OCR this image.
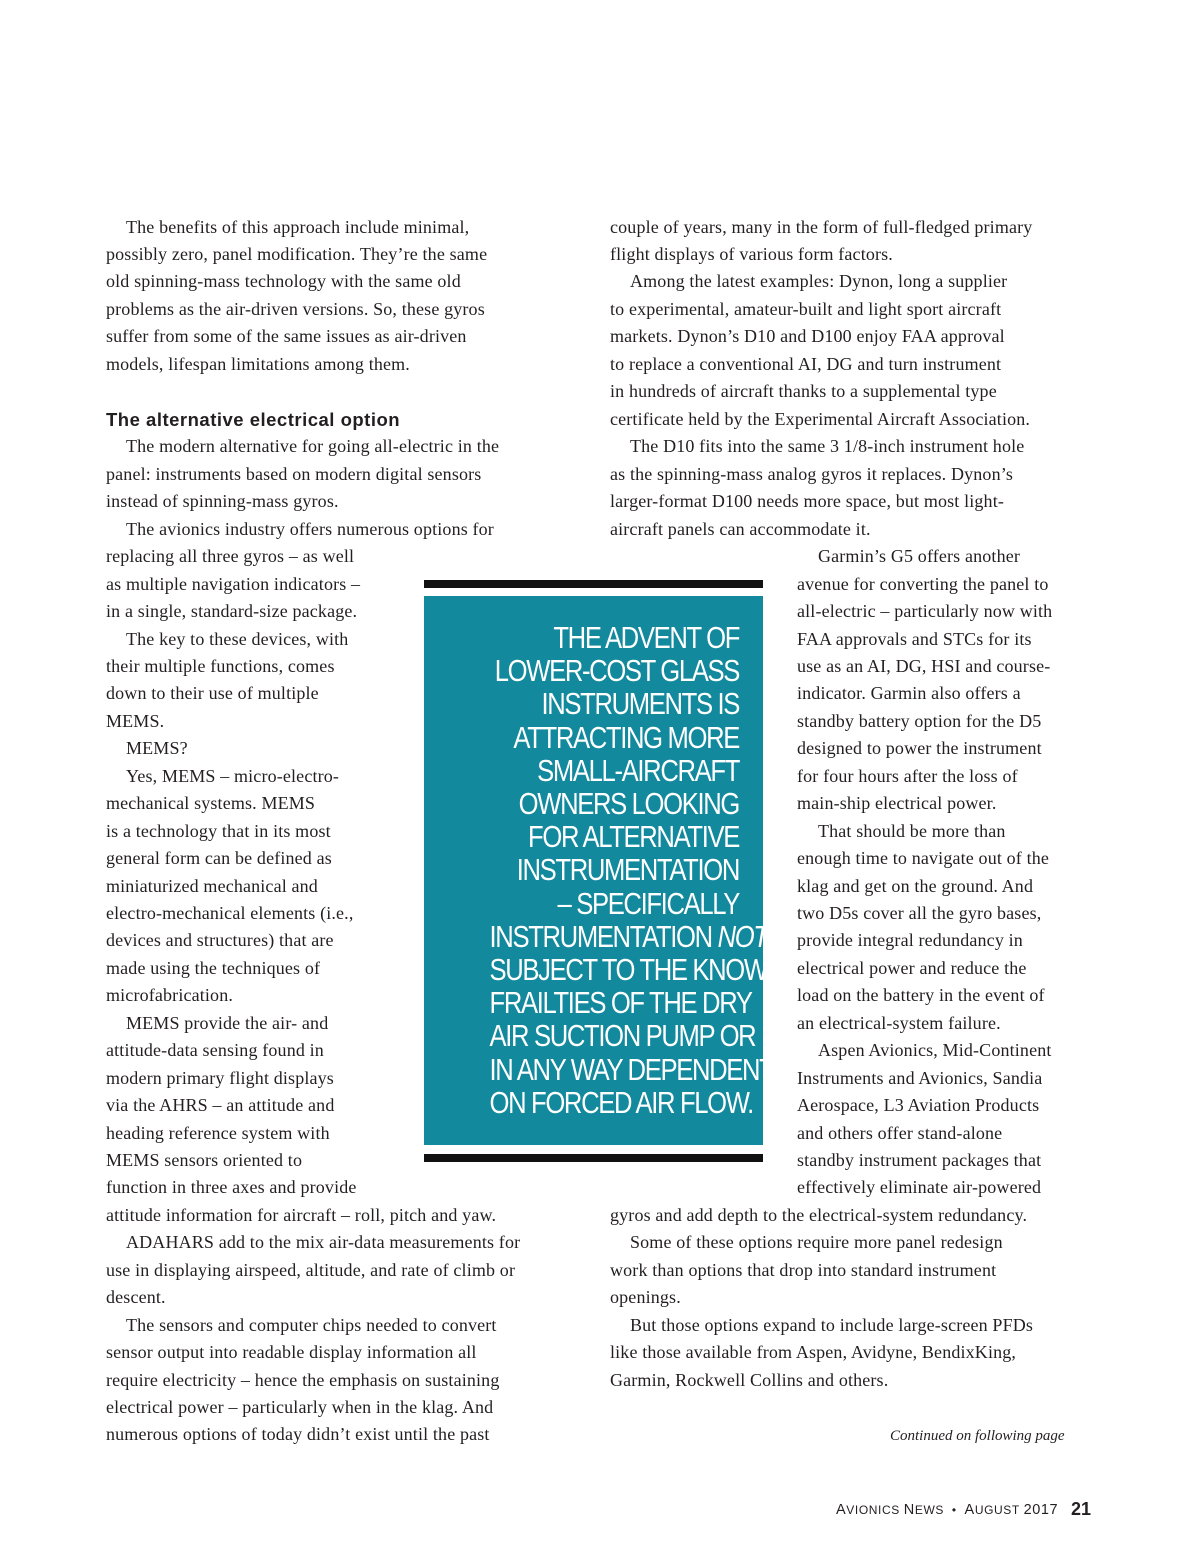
The benefits of this approach include minimal,
possibly zero, panel modification. They’re the same
old spinning-mass technology with the same old
problems as the air-driven versions. So, these gyros
suffer from some of the same issues as air-driven
models, lifespan limitations among them.
The alternative electrical option
The modern alternative for going all-electric in the
panel: instruments based on modern digital sensors
instead of spinning-mass gyros.
The avionics industry offers numerous options for
replacing all three gyros – as well
as multiple navigation indicators –
in a single, standard-size package.
The key to these devices, with
their multiple functions, comes
down to their use of multiple
MEMS.
MEMS?
Yes, MEMS – micro-electro-
mechanical systems. MEMS
is a technology that in its most
general form can be defined as
miniaturized mechanical and
electro-mechanical elements (i.e.,
devices and structures) that are
made using the techniques of
microfabrication.
MEMS provide the air- and
attitude-data sensing found in
modern primary flight displays
via the AHRS – an attitude and
heading reference system with
MEMS sensors oriented to
function in three axes and provide
attitude information for aircraft – roll, pitch and yaw.
ADAHARS add to the mix air-data measurements for
use in displaying airspeed, altitude, and rate of climb or
descent.
The sensors and computer chips needed to convert
sensor output into readable display information all
require electricity – hence the emphasis on sustaining
electrical power – particularly when in the klag. And
numerous options of today didn’t exist until the past
couple of years, many in the form of full-fledged primary
flight displays of various form factors.
Among the latest examples: Dynon, long a supplier
to experimental, amateur-built and light sport aircraft
markets. Dynon’s D10 and D100 enjoy FAA approval
to replace a conventional AI, DG and turn instrument
in hundreds of aircraft thanks to a supplemental type
certificate held by the Experimental Aircraft Association.
The D10 fits into the same 3 1/8-inch instrument hole
as the spinning-mass analog gyros it replaces. Dynon’s
larger-format D100 needs more space, but most light-
aircraft panels can accommodate it.
Garmin’s G5 offers another
avenue for converting the panel to
all-electric – particularly now with
FAA approvals and STCs for its
use as an AI, DG, HSI and course-
indicator. Garmin also offers a
standby battery option for the D5
designed to power the instrument
for four hours after the loss of
main-ship electrical power.
That should be more than
enough time to navigate out of the
klag and get on the ground. And
two D5s cover all the gyro bases,
provide integral redundancy in
electrical power and reduce the
load on the battery in the event of
an electrical-system failure.
Aspen Avionics, Mid-Continent
Instruments and Avionics, Sandia
Aerospace, L3 Aviation Products
and others offer stand-alone
standby instrument packages that
effectively eliminate air-powered
gyros and add depth to the electrical-system redundancy.
Some of these options require more panel redesign
work than options that drop into standard instrument
openings.
But those options expand to include large-screen PFDs
like those available from Aspen, Avidyne, BendixKing,
Garmin, Rockwell Collins and others.
THE ADVENT OF
LOWER-COST GLASS
INSTRUMENTS IS
ATTRACTING MORE
SMALL-AIRCRAFT
OWNERS LOOKING
FOR ALTERNATIVE
INSTRUMENTATION
– SPECIFICALLY
INSTRUMENTATION NOT
SUBJECT TO THE KNOWN
FRAILTIES OF THE DRY
AIR SUCTION PUMP OR
IN ANY WAY DEPENDENT
ON FORCED AIR FLOW.
Continued on following page
AVIONICS NEWS • AUGUST 2017 21
